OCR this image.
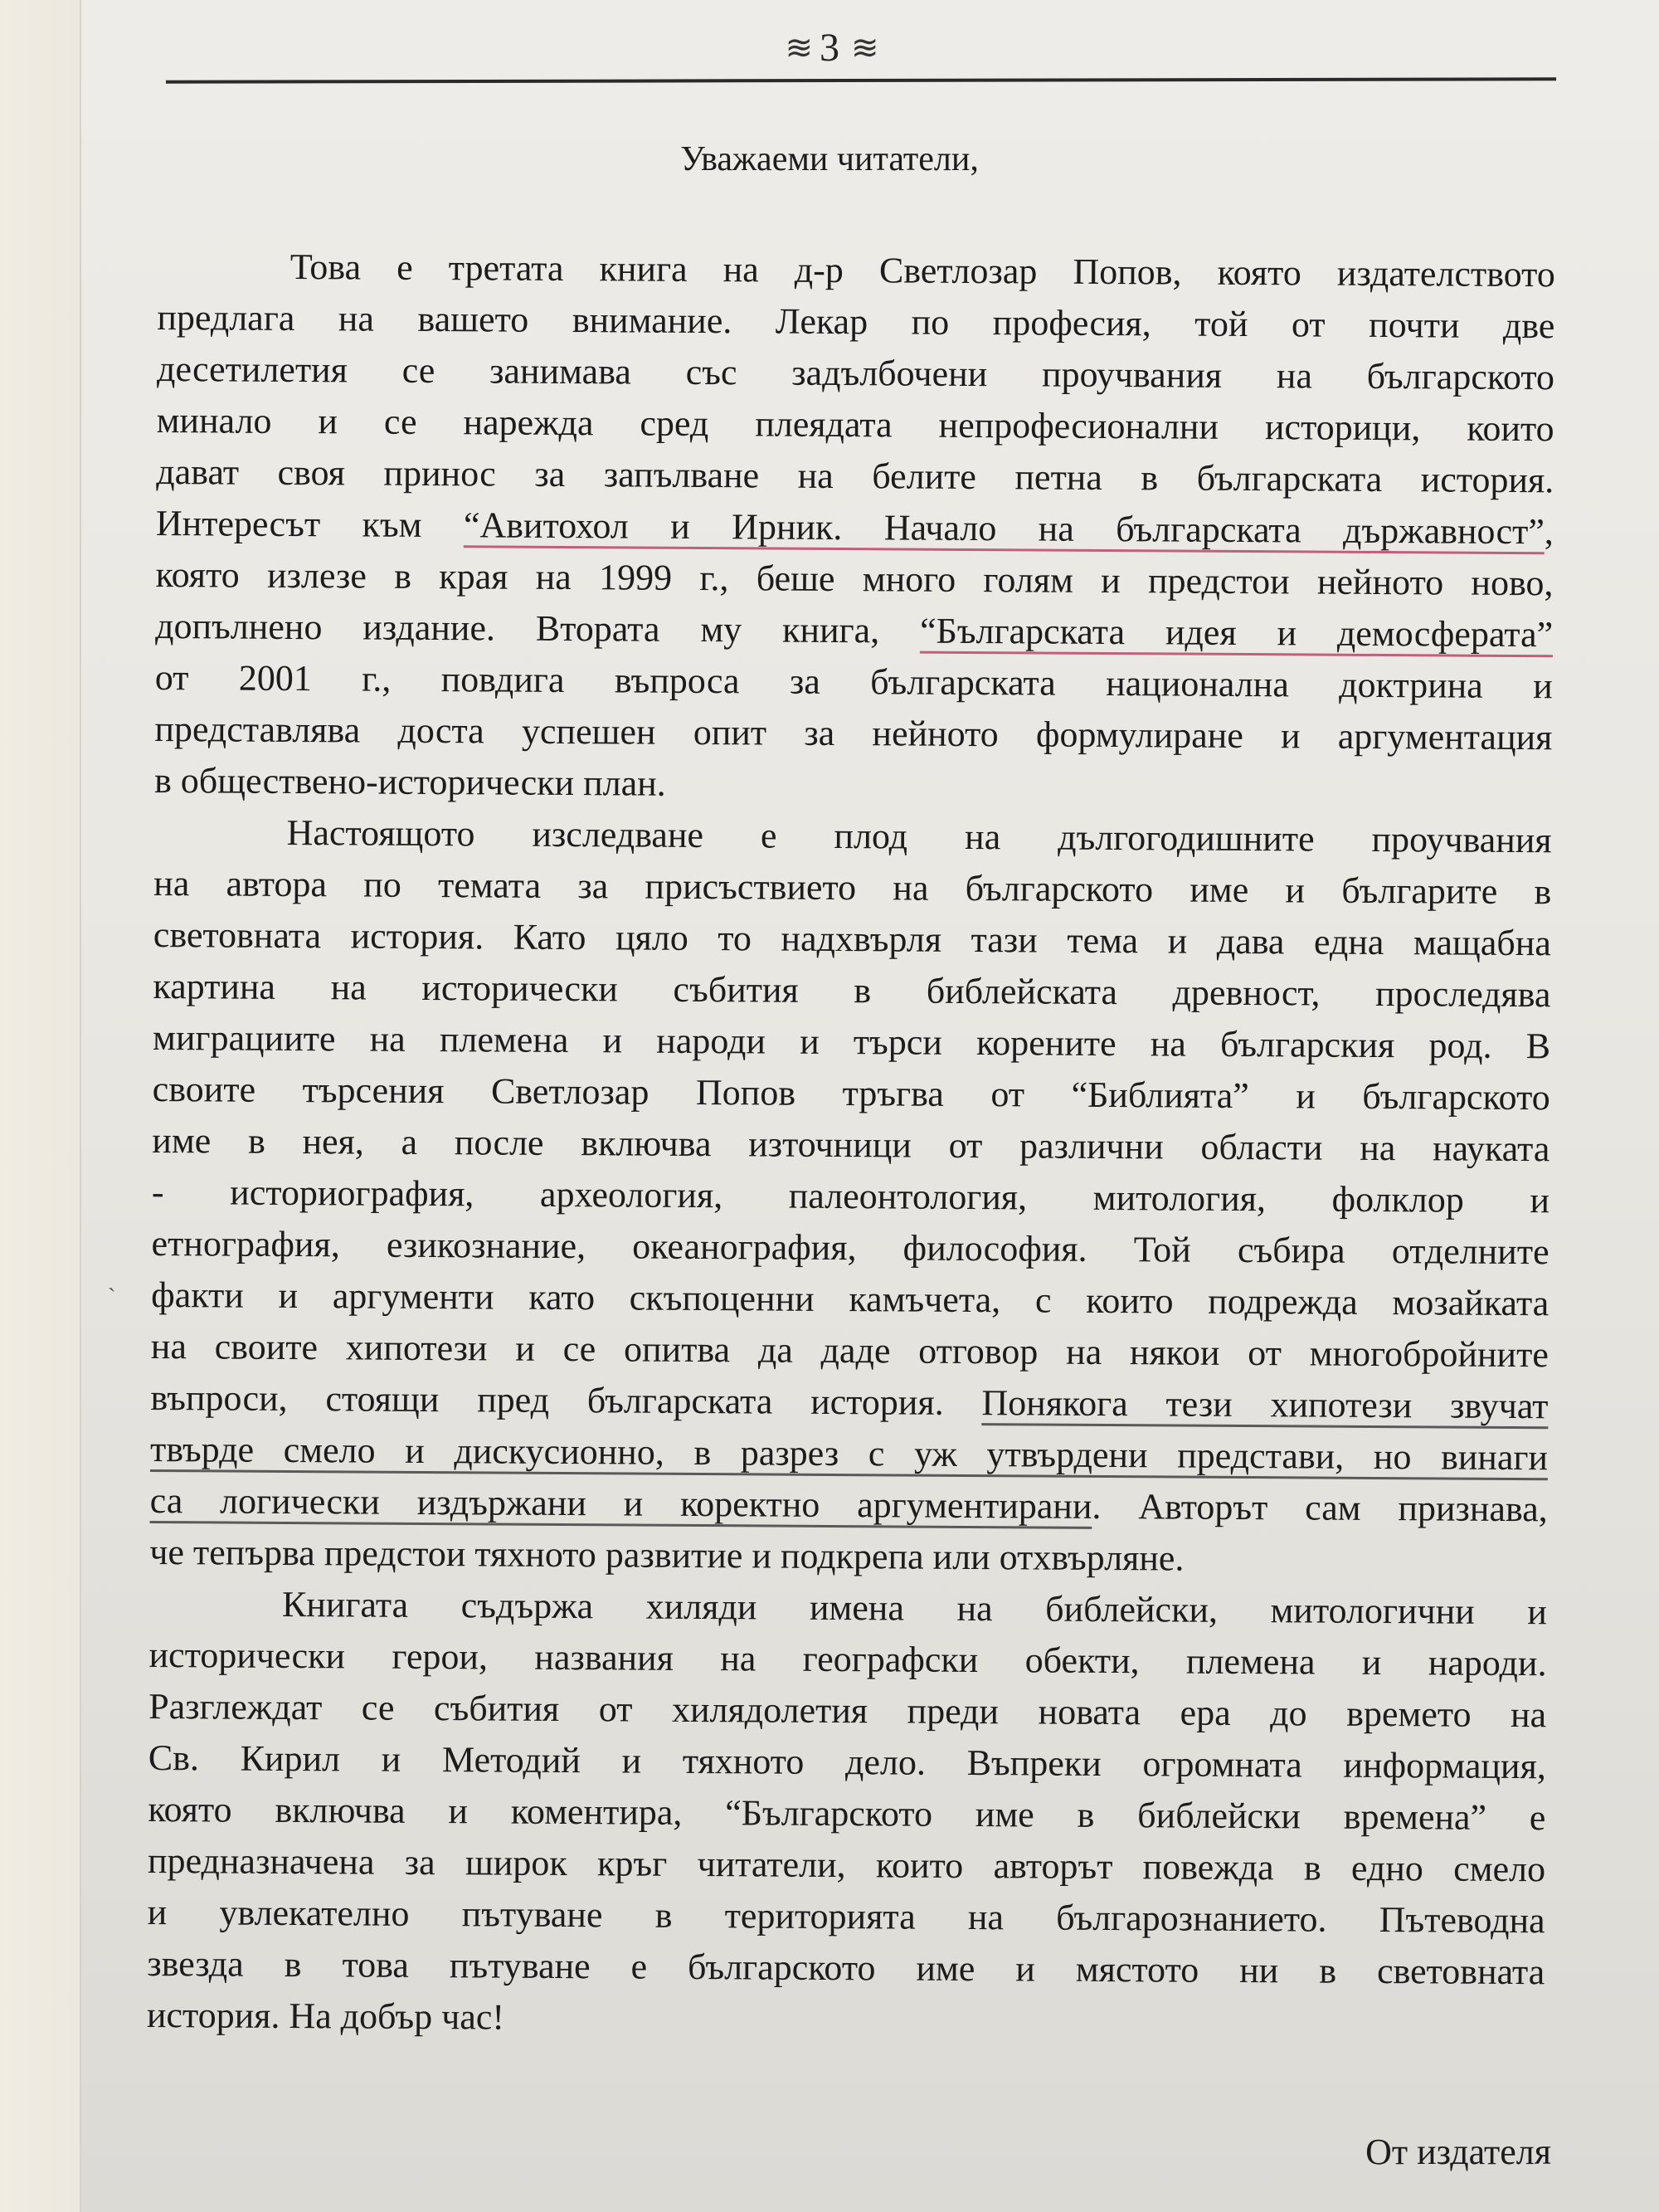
≋ 3 ≋
Уважаеми читатели,
Това е третата книга на д-р Светлозар Попов, която издателството
предлага на вашето внимание. Лекар по професия, той от почти две
десетилетия се занимава със задълбочени проучвания на българското
минало и се нарежда сред плеядата непрофесионални историци, които
дават своя принос за запълване на белите петна в българската история.
Интересът към “Авитохол и Ирник. Начало на българската държавност”,
която излезе в края на 1999 г., беше много голям и предстои нейното ново,
допълнено издание. Втората му книга, “Българската идея и демосферата”
от 2001 г., повдига въпроса за българската национална доктрина и
представлява доста успешен опит за нейното формулиране и аргументация
в обществено-исторически план.
Настоящото изследване е плод на дългогодишните проучвания
на автора по темата за присъствието на българското име и българите в
световната история. Като цяло то надхвърля тази тема и дава една мащабна
картина на исторически събития в библейската древност, проследява
миграциите на племена и народи и търси корените на българския род. В
своите търсения Светлозар Попов тръгва от “Библията” и българското
име в нея, а после включва източници от различни области на науката
- историография, археология, палеонтология, митология, фолклор и
етнография, езикознание, океанография, философия. Той събира отделните
факти и аргументи като скъпоценни камъчета, с които подрежда мозайката
на своите хипотези и се опитва да даде отговор на някои от многобройните
въпроси, стоящи пред българската история. Понякога тези хипотези звучат
твърде смело и дискусионно, в разрез с уж утвърдени представи, но винаги
са логически издържани и коректно аргументирани. Авторът сам признава,
че тепърва предстои тяхното развитие и подкрепа или отхвърляне.
Книгата съдържа хиляди имена на библейски, митологични и
исторически герои, названия на географски обекти, племена и народи.
Разглеждат се събития от хилядолетия преди новата ера до времето на
Св. Кирил и Методий и тяхното дело. Въпреки огромната информация,
която включва и коментира, “Българското име в библейски времена” е
предназначена за широк кръг читатели, които авторът повежда в едно смело
и увлекателно пътуване в територията на българознанието. Пътеводна
звезда в това пътуване е българското име и мястото ни в световната
история. На добър час!
ˋ
От издателя
